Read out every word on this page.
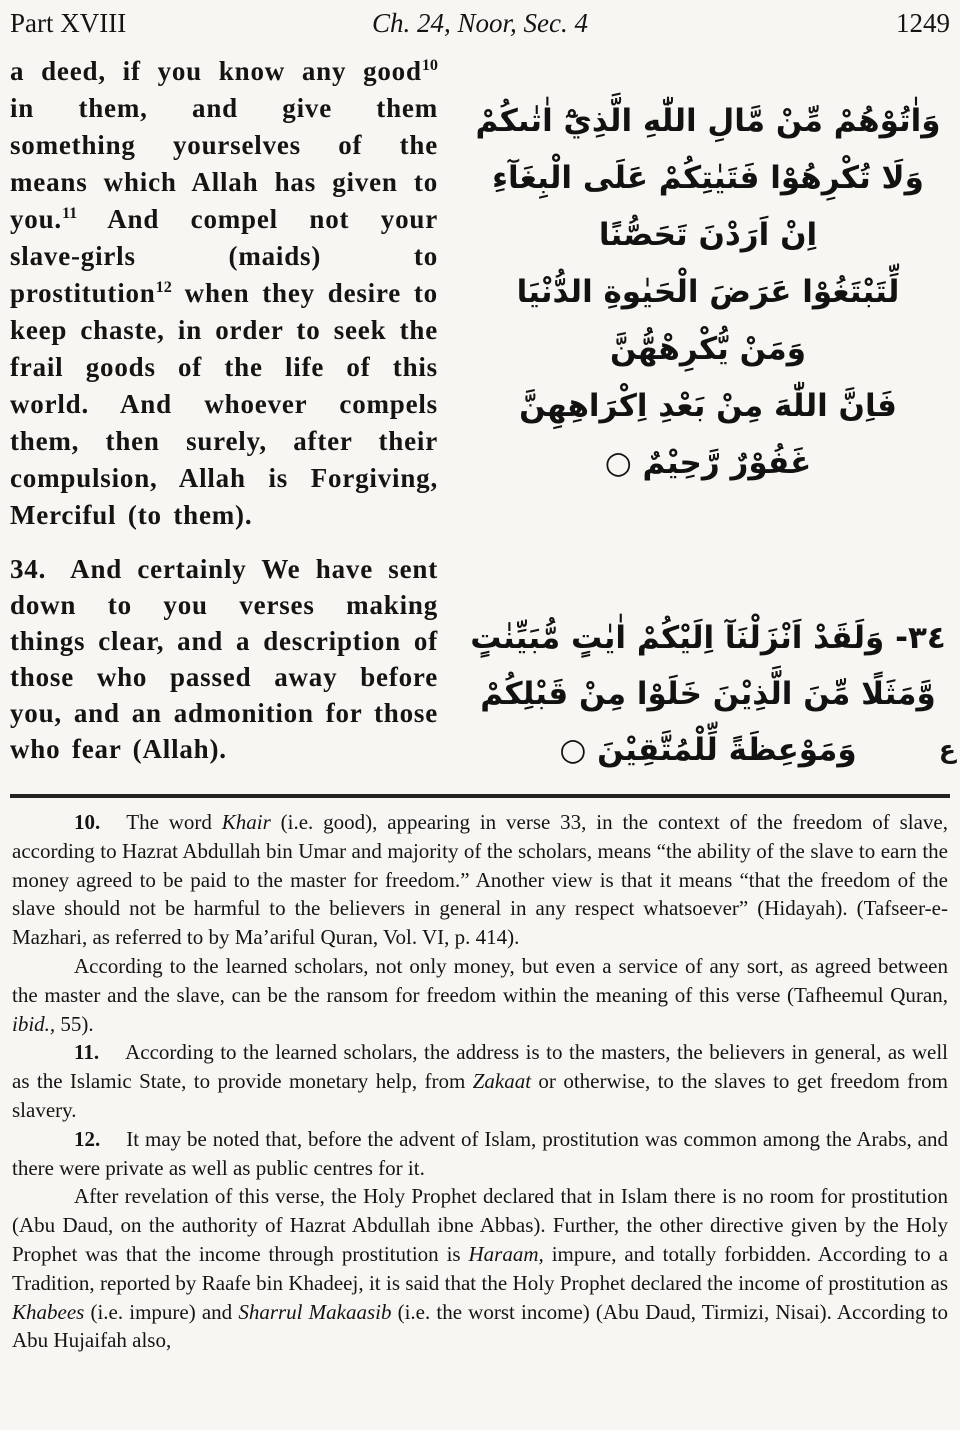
Part XVIII	Ch. 24, Noor, Sec. 4	1249

a deed, if you know any good$^{10}$ in them, and give them something yourselves of the means which Allah has given to you.$^{11}$ And compel not your slave-girls (maids) to prostitution$^{12}$ when they desire to keep chaste, in order to seek the frail goods of the life of this world. And whoever compels them, then surely, after their compulsion, Allah is Forgiving, Merciful (to them).

34. And certainly We have sent down to you verses making things clear, and a description of those who passed away before you, and an admonition for those who fear (Allah).

وَاٰتُوْهُمْ مِّنْ مَّالِ اللّٰهِ الَّذِيْٓ اٰتٰىكُمْ
وَلَا تُكْرِهُوْا فَتَيٰتِكُمْ عَلَى الْبِغَآءِ
اِنْ اَرَدْنَ تَحَصُّنًا
لِّتَبْتَغُوْا عَرَضَ الْحَيٰوةِ الدُّنْيَا
وَمَنْ يُّكْرِهْهُّنَّ
فَاِنَّ اللّٰهَ مِنْ بَعْدِ اِكْرَاهِهِنَّ
غَفُوْرٌ رَّحِيْمٌ ○
٣٤- وَلَقَدْ اَنْزَلْنَآ اِلَيْكُمْ اٰيٰتٍ مُّبَيِّنٰتٍ
وَّمَثَلًا مِّنَ الَّذِيْنَ خَلَوْا مِنْ قَبْلِكُمْ
وَمَوْعِظَةً لِّلْمُتَّقِيْنَ ○	ع

10. The word Khair (i.e. good), appearing in verse 33, in the context of the freedom of slave, according to Hazrat Abdullah bin Umar and majority of the scholars, means “the ability of the slave to earn the money agreed to be paid to the master for freedom.” Another view is that it means “that the freedom of the slave should not be harmful to the believers in general in any respect whatsoever” (Hidayah). (Tafseer-e-Mazhari, as referred to by Ma’ariful Quran, Vol. VI, p. 414).

According to the learned scholars, not only money, but even a service of any sort, as agreed between the master and the slave, can be the ransom for freedom within the meaning of this verse (Tafheemul Quran, ibid., 55).

11. According to the learned scholars, the address is to the masters, the believers in general, as well as the Islamic State, to provide monetary help, from Zakaat or otherwise, to the slaves to get freedom from slavery.

12. It may be noted that, before the advent of Islam, prostitution was common among the Arabs, and there were private as well as public centres for it.

After revelation of this verse, the Holy Prophet declared that in Islam there is no room for prostitution (Abu Daud, on the authority of Hazrat Abdullah ibne Abbas). Further, the other directive given by the Holy Prophet was that the income through prostitution is Haraam, impure, and totally forbidden. According to a Tradition, reported by Raafe bin Khadeej, it is said that the Holy Prophet declared the income of prostitution as Khabees (i.e. impure) and Sharrul Makaasib (i.e. the worst income) (Abu Daud, Tirmizi, Nisai). According to Abu Hujaifah also,
